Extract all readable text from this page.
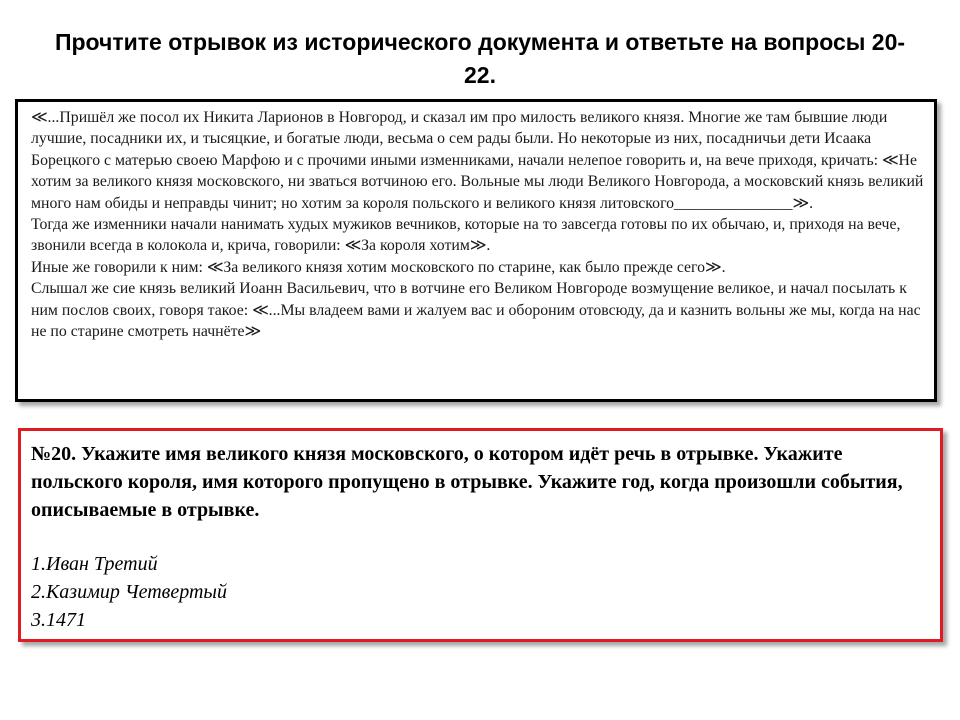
Прочтите отрывок из исторического документа и ответьте на вопросы 20-22.
≪...Пришёл же посол их Никита Ларионов в Новгород, и сказал им про милость великого князя. Многие же там бывшие люди лучшие, посадники их, и тысяцкие, и богатые люди, весьма о сем рады были. Но некоторые из них, посадничьи дети Исаака Борецкого с матерью своею Марфою и с прочими иными изменниками, начали нелепое говорить и, на вече приходя, кричать: ≪Не хотим за великого князя московского, ни зваться вотчиною его. Вольные мы люди Великого Новгорода, а московский князь великий много нам обиды и неправды чинит; но хотим за короля польского и великого князя литовского_______________≫.
Тогда же изменники начали нанимать худых мужиков вечников, которые на то завсегда готовы по их обычаю, и, приходя на вече, звонили всегда в колокола и, крича, говорили: ≪За короля хотим≫.
Иные же говорили к ним: ≪За великого князя хотим московского по старине, как было прежде сего≫.
Слышал же сие князь великий Иоанн Васильевич, что в вотчине его Великом Новгороде возмущение великое, и начал посылать к ним послов своих, говоря такое: ≪...Мы владеем вами и жалуем вас и обороним отовсюду, да и казнить вольны же мы, когда на нас не по старине смотреть начнёте≫

№20. Укажите имя великого князя московского, о котором идёт речь в отрывке. Укажите польского короля, имя которого пропущено в отрывке. Укажите год, когда произошли события, описываемые в отрывке.

1.Иван Третий
2.Казимир Четвертый
3.1471
